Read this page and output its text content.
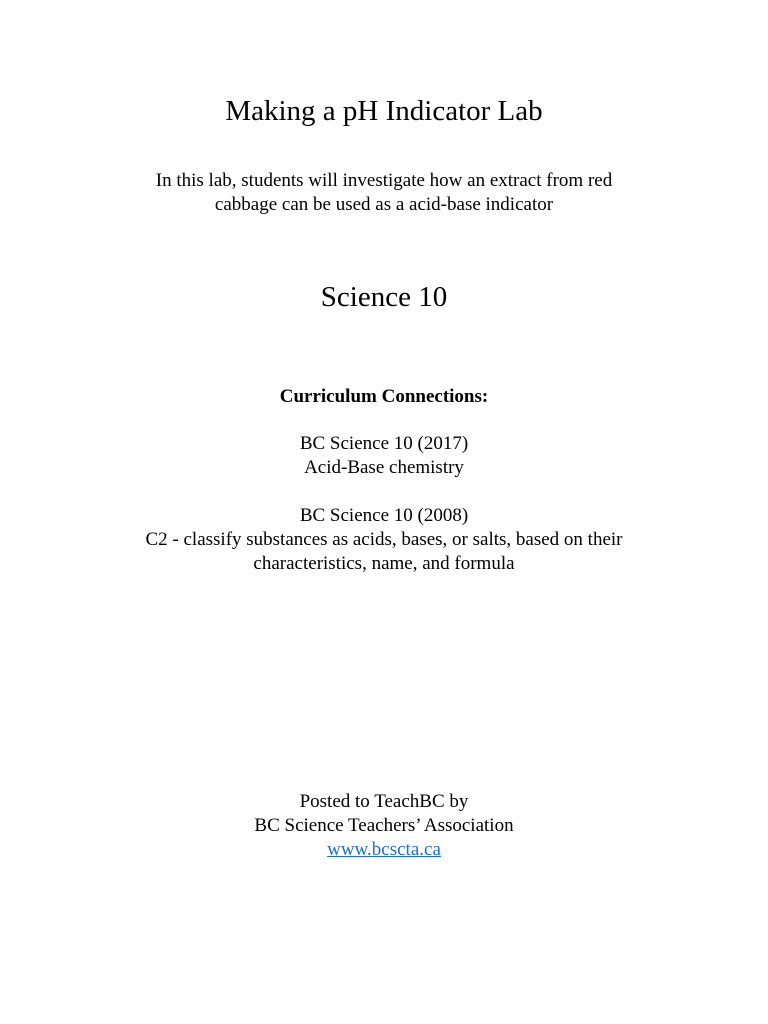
Making a pH Indicator Lab
In this lab, students will investigate how an extract from red
cabbage can be used as a acid-base indicator
Science 10
Curriculum Connections:
BC Science 10 (2017)
Acid-Base chemistry
BC Science 10 (2008)
C2 - classify substances as acids, bases, or salts, based on their
characteristics, name, and formula
Posted to TeachBC by
BC Science Teachers’ Association
www.bcscta.ca
